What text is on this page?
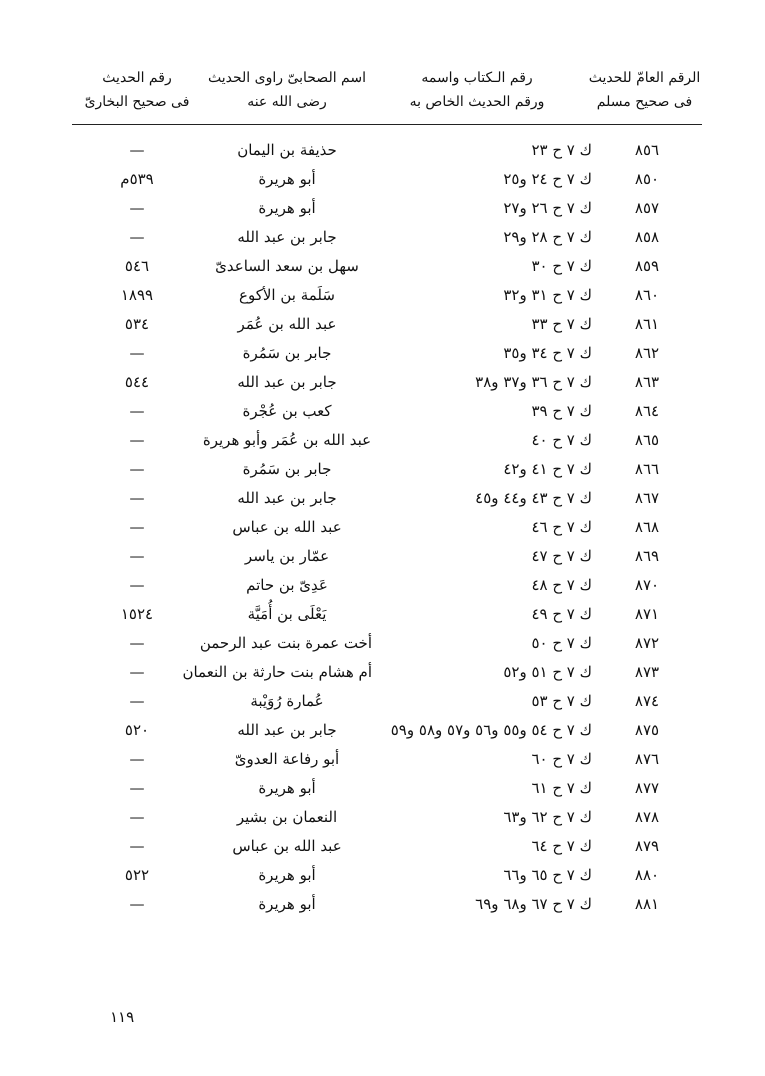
الرقم العامّ للحديث
فى صحيح مسلم
رقم الـكتاب واسمه
ورقم الحديث الخاص به
اسم الصحابىّ راوى الحديث
رضى الله عنه
رقم الحديث
فى صحيح البخارىّ
٨٥٦
ك ٧ ح ٢٣
حذيفة بن اليمان
—
٨٥٠
ك ٧ ح ٢٤ و٢٥
أبو هريرة
٥٣٩م
٨٥٧
ك ٧ ح ٢٦ و٢٧
أبو هريرة
—
٨٥٨
ك ٧ ح ٢٨ و٢٩
جابر بن عبد الله
—
٨٥٩
ك ٧ ح ٣٠
سهل بن سعد الساعدىّ
٥٤٦
٨٦٠
ك ٧ ح ٣١ و٣٢
سَلَمة بن الأكوع
١٨٩٩
٨٦١
ك ٧ ح ٣٣
عبد الله بن عُمَر
٥٣٤
٨٦٢
ك ٧ ح ٣٤ و٣٥
جابر بن سَمُرة
—
٨٦٣
ك ٧ ح ٣٦ و٣٧ و٣٨
جابر بن عبد الله
٥٤٤
٨٦٤
ك ٧ ح ٣٩
كعب بن عُجْرة
—
٨٦٥
ك ٧ ح ٤٠
عبد الله بن عُمَر وأبو هريرة
—
٨٦٦
ك ٧ ح ٤١ و٤٢
جابر بن سَمُرة
—
٨٦٧
ك ٧ ح ٤٣ و٤٤ و٤٥
جابر بن عبد الله
—
٨٦٨
ك ٧ ح ٤٦
عبد الله بن عباس
—
٨٦٩
ك ٧ ح ٤٧
عمّار بن ياسر
—
٨٧٠
ك ٧ ح ٤٨
عَدِىّ بن حاتم
—
٨٧١
ك ٧ ح ٤٩
يَعْلَى بن أُمَيَّة
١٥٢٤
٨٧٢
ك ٧ ح ٥٠
أخت عمرة بنت عبد الرحمن
—
٨٧٣
ك ٧ ح ٥١ و٥٢
أم هشام بنت حارثة بن النعمان
—
٨٧٤
ك ٧ ح ٥٣
عُمارة رُوَيْبة
—
٨٧٥
ك ٧ ح ٥٤ و٥٥ و٥٦ و٥٧ و٥٨ و٥٩
جابر بن عبد الله
٥٢٠
٨٧٦
ك ٧ ح ٦٠
أبو رفاعة العدوىّ
—
٨٧٧
ك ٧ ح ٦١
أبو هريرة
—
٨٧٨
ك ٧ ح ٦٢ و٦٣
النعمان بن بشير
—
٨٧٩
ك ٧ ح ٦٤
عبد الله بن عباس
—
٨٨٠
ك ٧ ح ٦٥ و٦٦
أبو هريرة
٥٢٢
٨٨١
ك ٧ ح ٦٧ و٦٨ و٦٩
أبو هريرة
—
١١٩
